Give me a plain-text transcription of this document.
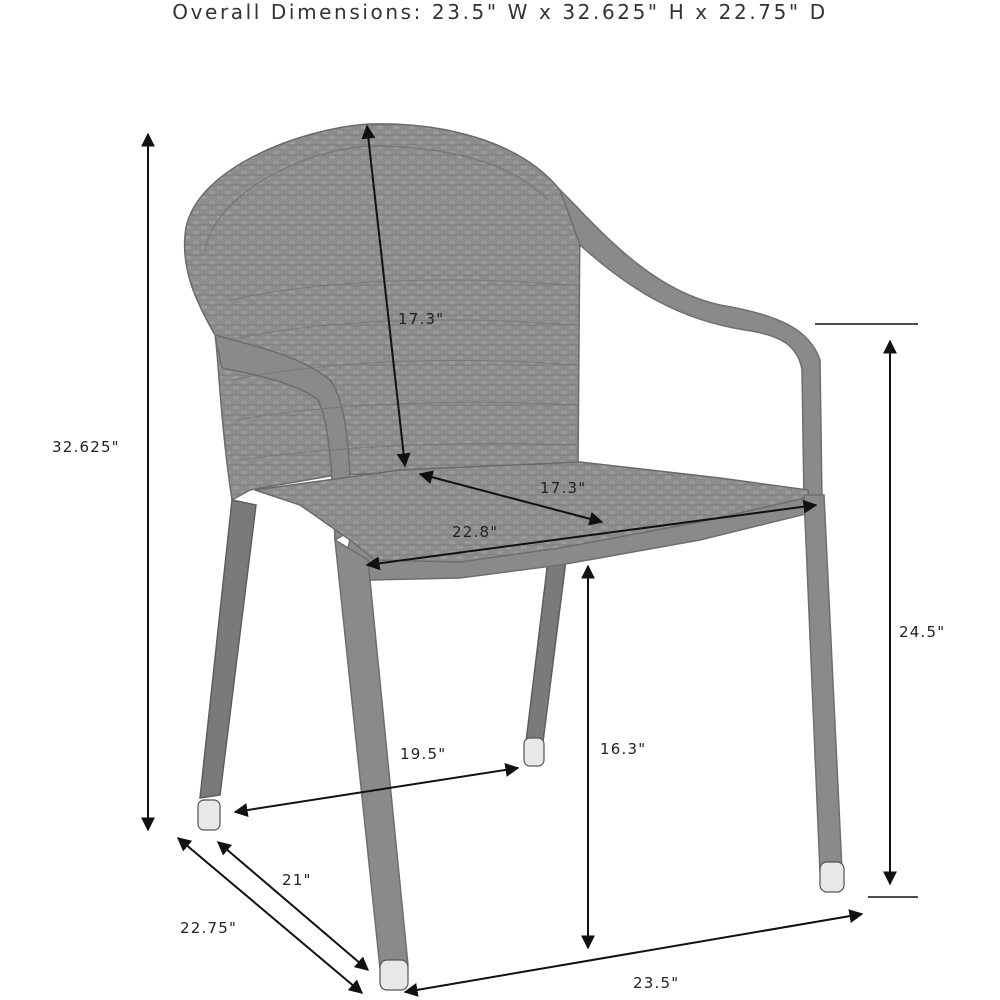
Overall Dimensions: 23.5" W x 32.625" H x 22.75" D
17.3"
17.3"
22.8"
32.625"
24.5"
16.3"
19.5"
21"
22.75"
23.5"
